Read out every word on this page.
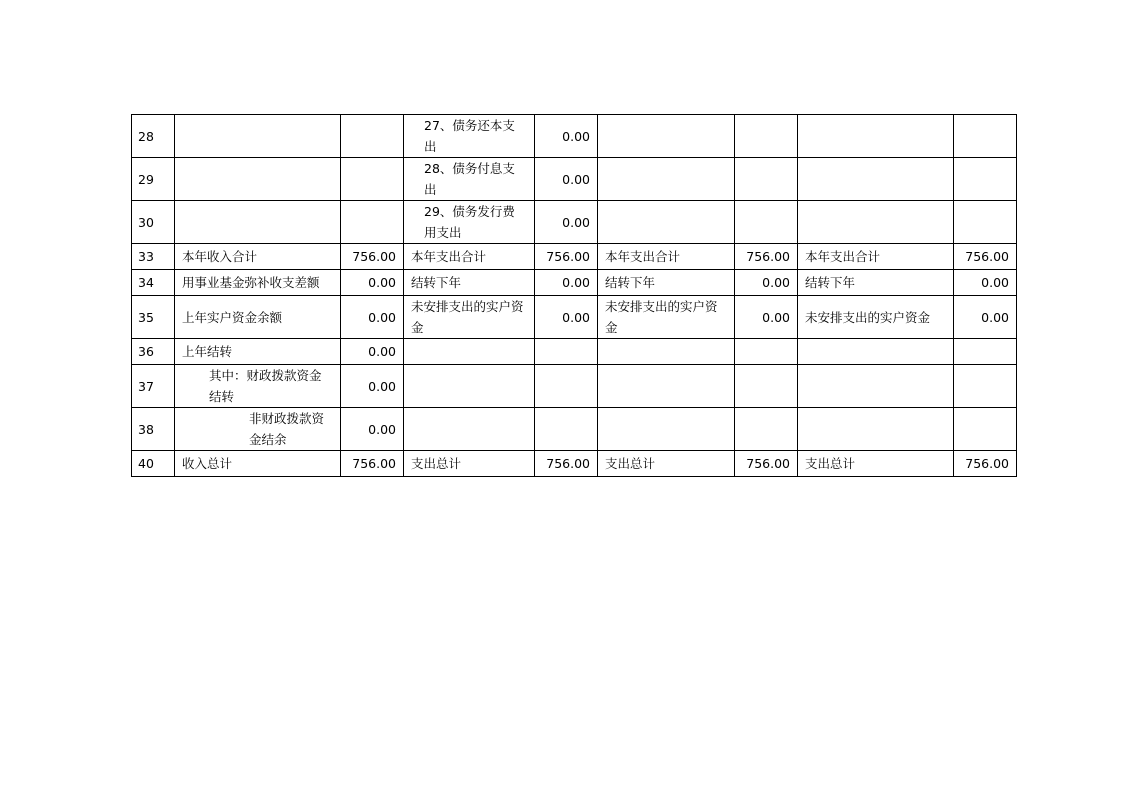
28			27、债务还本支出	0.00				
29			28、债务付息支出	0.00				
30			29、债务发行费用支出	0.00				
33	本年收入合计	756.00	本年支出合计	756.00	本年支出合计	756.00	本年支出合计	756.00
34	用事业基金弥补收支差额	0.00	结转下年	0.00	结转下年	0.00	结转下年	0.00
35	上年实户资金余额	0.00	未安排支出的实户资金	0.00	未安排支出的实户资金	0.00	未安排支出的实户资金	0.00
36	上年结转	0.00						
37	其中：财政拨款资金结转	0.00						
38	非财政拨款资金结余	0.00						
40	收入总计	756.00	支出总计	756.00	支出总计	756.00	支出总计	756.00
